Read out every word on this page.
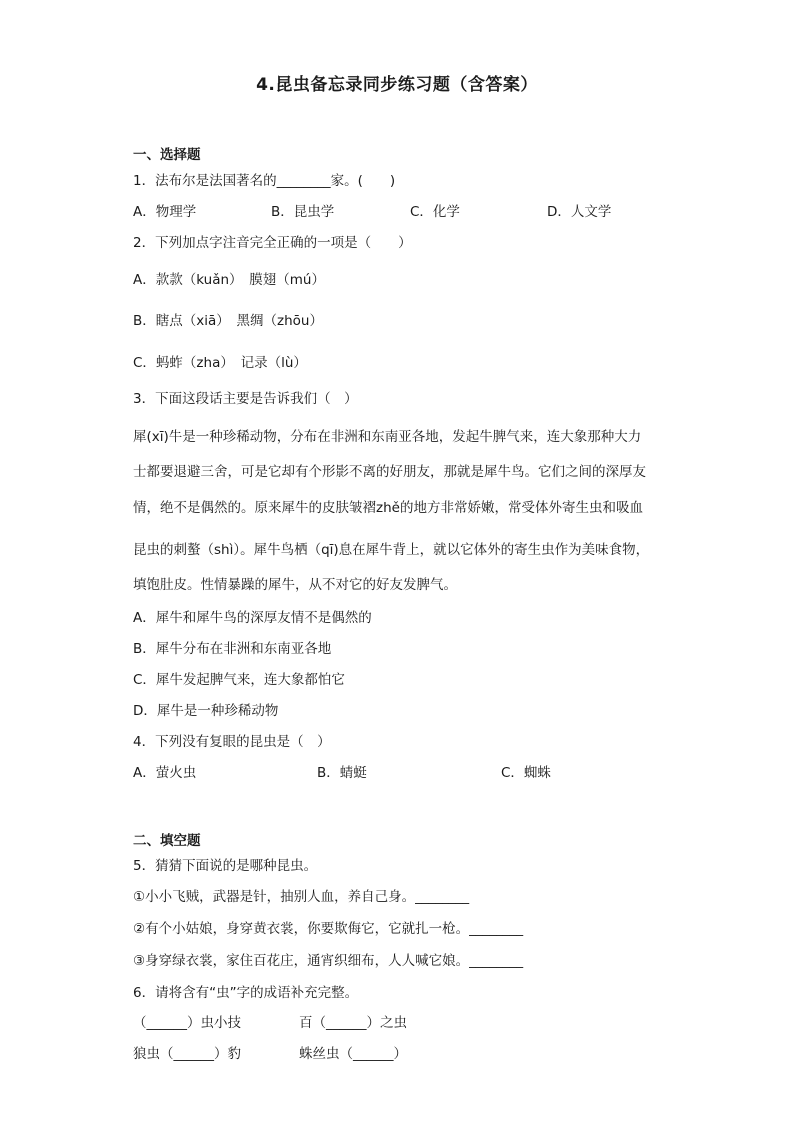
4.昆虫备忘录同步练习题（含答案）
一、选择题
1．法布尔是法国著名的________家。(　　)
A．物理学	B．昆虫学	C．化学	D．人文学
2．下列加点字注音完全正确的一项是（　　）
A．款款（kuǎn）　膜翅（mú）
B．瞎点（xiā）　黑绸（zhōu）
C．蚂蚱（zha）　记录（lù）
3．下面这段话主要是告诉我们（　）
犀(xī)牛是一种珍稀动物，分布在非洲和东南亚各地，发起牛脾气来，连大象那种大力
士都要退避三舍，可是它却有个形影不离的好朋友，那就是犀牛鸟。它们之间的深厚友
情，绝不是偶然的。原来犀牛的皮肤皱褶zhě的地方非常娇嫩，常受体外寄生虫和吸血
昆虫的刺螯（shì）。犀牛鸟栖（qī)息在犀牛背上，就以它体外的寄生虫作为美味食物，
填饱肚皮。性情暴躁的犀牛，从不对它的好友发脾气。
A．犀牛和犀牛鸟的深厚友情不是偶然的
B．犀牛分布在非洲和东南亚各地
C．犀牛发起脾气来，连大象都怕它
D．犀牛是一种珍稀动物
4．下列没有复眼的昆虫是（　）
A．萤火虫	B．蜻蜓	C．蜘蛛
二、填空题
5．猜猜下面说的是哪种昆虫。
①小小飞贼，武器是针，抽别人血，养自己身。________
②有个小姑娘，身穿黄衣裳，你要欺侮它，它就扎一枪。________
③身穿绿衣裳，家住百花庄，通宵织细布，人人喊它娘。________
6．请将含有“虫”字的成语补充完整。
（______）虫小技	百（______）之虫
狼虫（______）豹	蛛丝虫（______）
